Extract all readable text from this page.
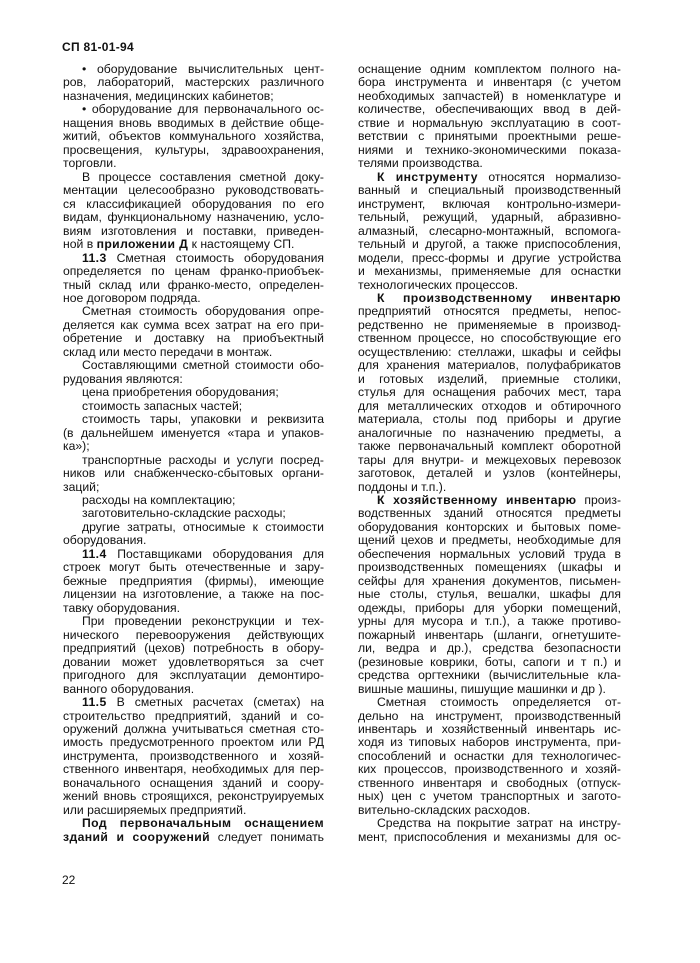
СП 81-01-94
• оборудование вычислительных цент-
ров, лабораторий, мастерских различного
назначения, медицинских кабинетов;
• оборудование для первоначального ос-
нащения вновь вводимых в действие обще-
житий, объектов коммунального хозяйства,
просвещения, культуры, здравоохранения,
торговли.
В процессе составления сметной доку-
ментации целесообразно руководствовать-
ся классификацией оборудования по его
видам, функциональному назначению, усло-
виям изготовления и поставки, приведен-
ной в приложении Д к настоящему СП.
11.3 Сметная стоимость оборудования
определяется по ценам франко-приобъек-
тный склад или франко-место, определен-
ное договором подряда.
Сметная стоимость оборудования опре-
деляется как сумма всех затрат на его при-
обретение и доставку на приобъектный
склад или место передачи в монтаж.
Составляющими сметной стоимости обо-
рудования являются:
цена приобретения оборудования;
стоимость запасных частей;
стоимость тары, упаковки и реквизита
(в дальнейшем именуется «тара и упаков-
ка»);
транспортные расходы и услуги посред-
ников или снабженческо-сбытовых органи-
заций;
расходы на комплектацию;
заготовительно-складские расходы;
другие затраты, относимые к стоимости
оборудования.
11.4 Поставщиками оборудования для
строек могут быть отечественные и зару-
бежные предприятия (фирмы), имеющие
лицензии на изготовление, а также на пос-
тавку оборудования.
При проведении реконструкции и тех-
нического перевооружения действующих
предприятий (цехов) потребность в обору-
довании может удовлетворяться за счет
пригодного для эксплуатации демонтиро-
ванного оборудования.
11.5 В сметных расчетах (сметах) на
строительство предприятий, зданий и со-
оружений должна учитываться сметная сто-
имость предусмотренного проектом или РД
инструмента, производственного и хозяй-
ственного инвентаря, необходимых для пер-
воначального оснащения зданий и соору-
жений вновь строящихся, реконструируемых
или расширяемых предприятий.
Под первоначальным оснащением
зданий и сооружений следует понимать
оснащение одним комплектом полного на-
бора инструмента и инвентаря (с учетом
необходимых запчастей) в номенклатуре и
количестве, обеспечивающих ввод в дей-
ствие и нормальную эксплуатацию в соот-
ветствии с принятыми проектными реше-
ниями и технико-экономическими показа-
телями производства.
К инструменту относятся нормализо-
ванный и специальный производственный
инструмент, включая контрольно-измери-
тельный, режущий, ударный, абразивно-
алмазный, слесарно-монтажный, вспомога-
тельный и другой, а также приспособления,
модели, пресс-формы и другие устройства
и механизмы, применяемые для оснастки
технологических процессов.
К производственному инвентарю
предприятий относятся предметы, непос-
редственно не применяемые в производ-
ственном процессе, но способствующие его
осуществлению: стеллажи, шкафы и сейфы
для хранения материалов, полуфабрикатов
и готовых изделий, приемные столики,
стулья для оснащения рабочих мест, тара
для металлических отходов и обтирочного
материала, столы под приборы и другие
аналогичные по назначению предметы, а
также первоначальный комплект оборотной
тары для внутри- и межцеховых перевозок
заготовок, деталей и узлов (контейнеры,
поддоны и т.п.).
К хозяйственному инвентарю произ-
водственных зданий относятся предметы
оборудования конторских и бытовых поме-
щений цехов и предметы, необходимые для
обеспечения нормальных условий труда в
производственных помещениях (шкафы и
сейфы для хранения документов, письмен-
ные столы, стулья, вешалки, шкафы для
одежды, приборы для уборки помещений,
урны для мусора и т.п.), а также противо-
пожарный инвентарь (шланги, огнетушите-
ли, ведра и др.), средства безопасности
(резиновые коврики, боты, сапоги и т п.) и
средства оргтехники (вычислительные кла-
вишные машины, пишущие машинки и др ).
Сметная стоимость определяется от-
дельно на инструмент, производственный
инвентарь и хозяйственный инвентарь ис-
ходя из типовых наборов инструмента, при-
способлений и оснастки для технологичес-
ких процессов, производственного и хозяй-
ственного инвентаря и свободных (отпуск-
ных) цен с учетом транспортных и загото-
вительно-складских расходов.
Средства на покрытие затрат на инстру-
мент, приспособления и механизмы для ос-
22
